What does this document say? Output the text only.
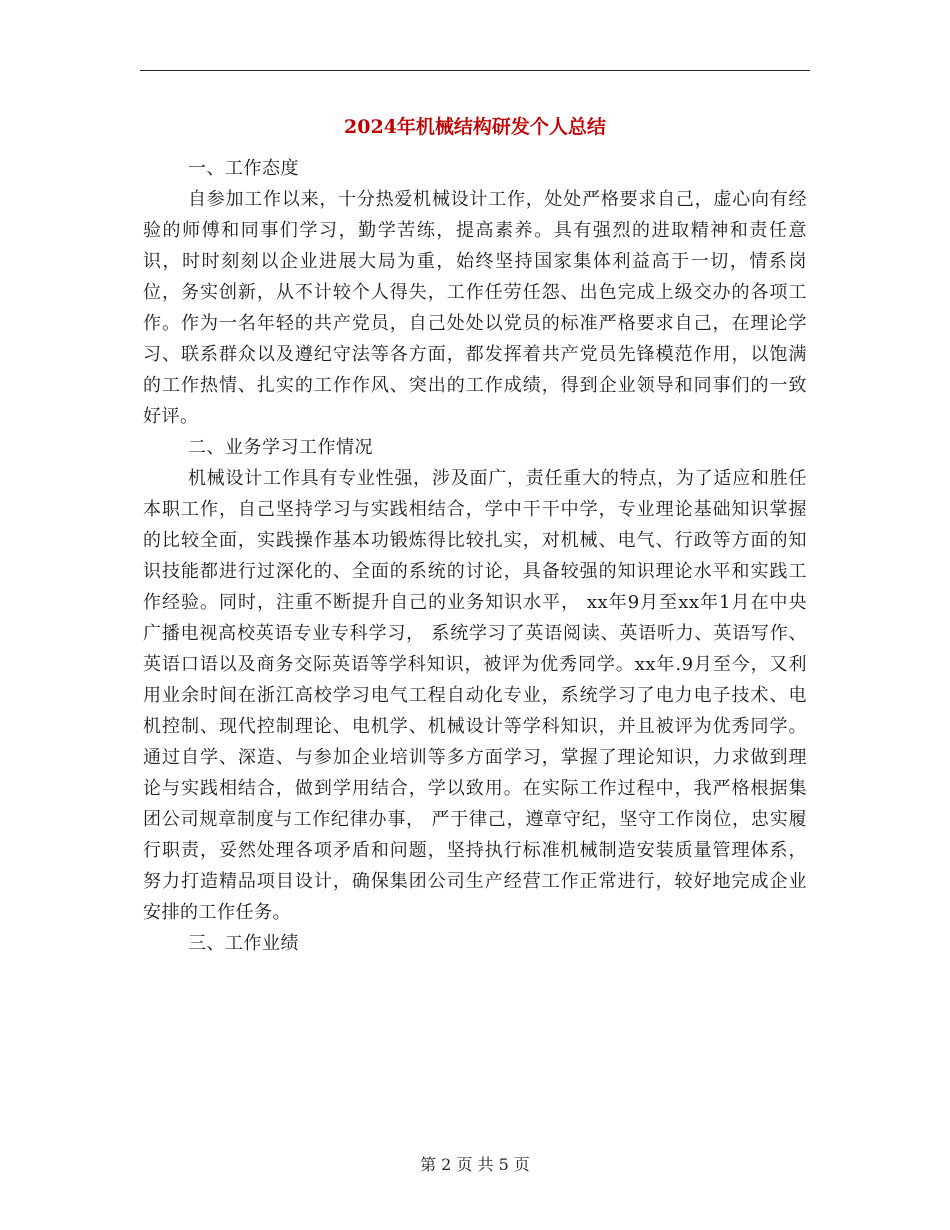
2024年机械结构研发个人总结

一、工作态度

自参加工作以来，十分热爱机械设计工作，处处严格要求自己，虚心向有经验的师傅和同事们学习，勤学苦练，提高素养。具有强烈的进取精神和责任意识，时时刻刻以企业进展大局为重，始终坚持国家集体利益高于一切，情系岗位，务实创新，从不计较个人得失，工作任劳任怨、出色完成上级交办的各项工作。作为一名年轻的共产党员，自己处处以党员的标准严格要求自己，在理论学习、联系群众以及遵纪守法等各方面，都发挥着共产党员先锋模范作用，以饱满的工作热情、扎实的工作作风、突出的工作成绩，得到企业领导和同事们的一致好评。

二、业务学习工作情况

机械设计工作具有专业性强，涉及面广，责任重大的特点，为了适应和胜任本职工作，自己坚持学习与实践相结合，学中干干中学，专业理论基础知识掌握的比较全面，实践操作基本功锻炼得比较扎实，对机械、电气、行政等方面的知识技能都进行过深化的、全面的系统的讨论，具备较强的知识理论水平和实践工作经验。同时，注重不断提升自己的业务知识水平， xx年9月至xx年1月在中央广播电视高校英语专业专科学习， 系统学习了英语阅读、英语听力、英语写作、英语口语以及商务交际英语等学科知识，被评为优秀同学。xx年.9月至今，又利用业余时间在浙江高校学习电气工程自动化专业，系统学习了电力电子技术、电机控制、现代控制理论、电机学、机械设计等学科知识，并且被评为优秀同学。通过自学、深造、与参加企业培训等多方面学习，掌握了理论知识，力求做到理论与实践相结合，做到学用结合，学以致用。在实际工作过程中，我严格根据集团公司规章制度与工作纪律办事， 严于律己，遵章守纪，坚守工作岗位，忠实履行职责，妥然处理各项矛盾和问题，坚持执行标准机械制造安装质量管理体系，努力打造精品项目设计，确保集团公司生产经营工作正常进行，较好地完成企业安排的工作任务。

三、工作业绩

第 2 页 共 5 页
